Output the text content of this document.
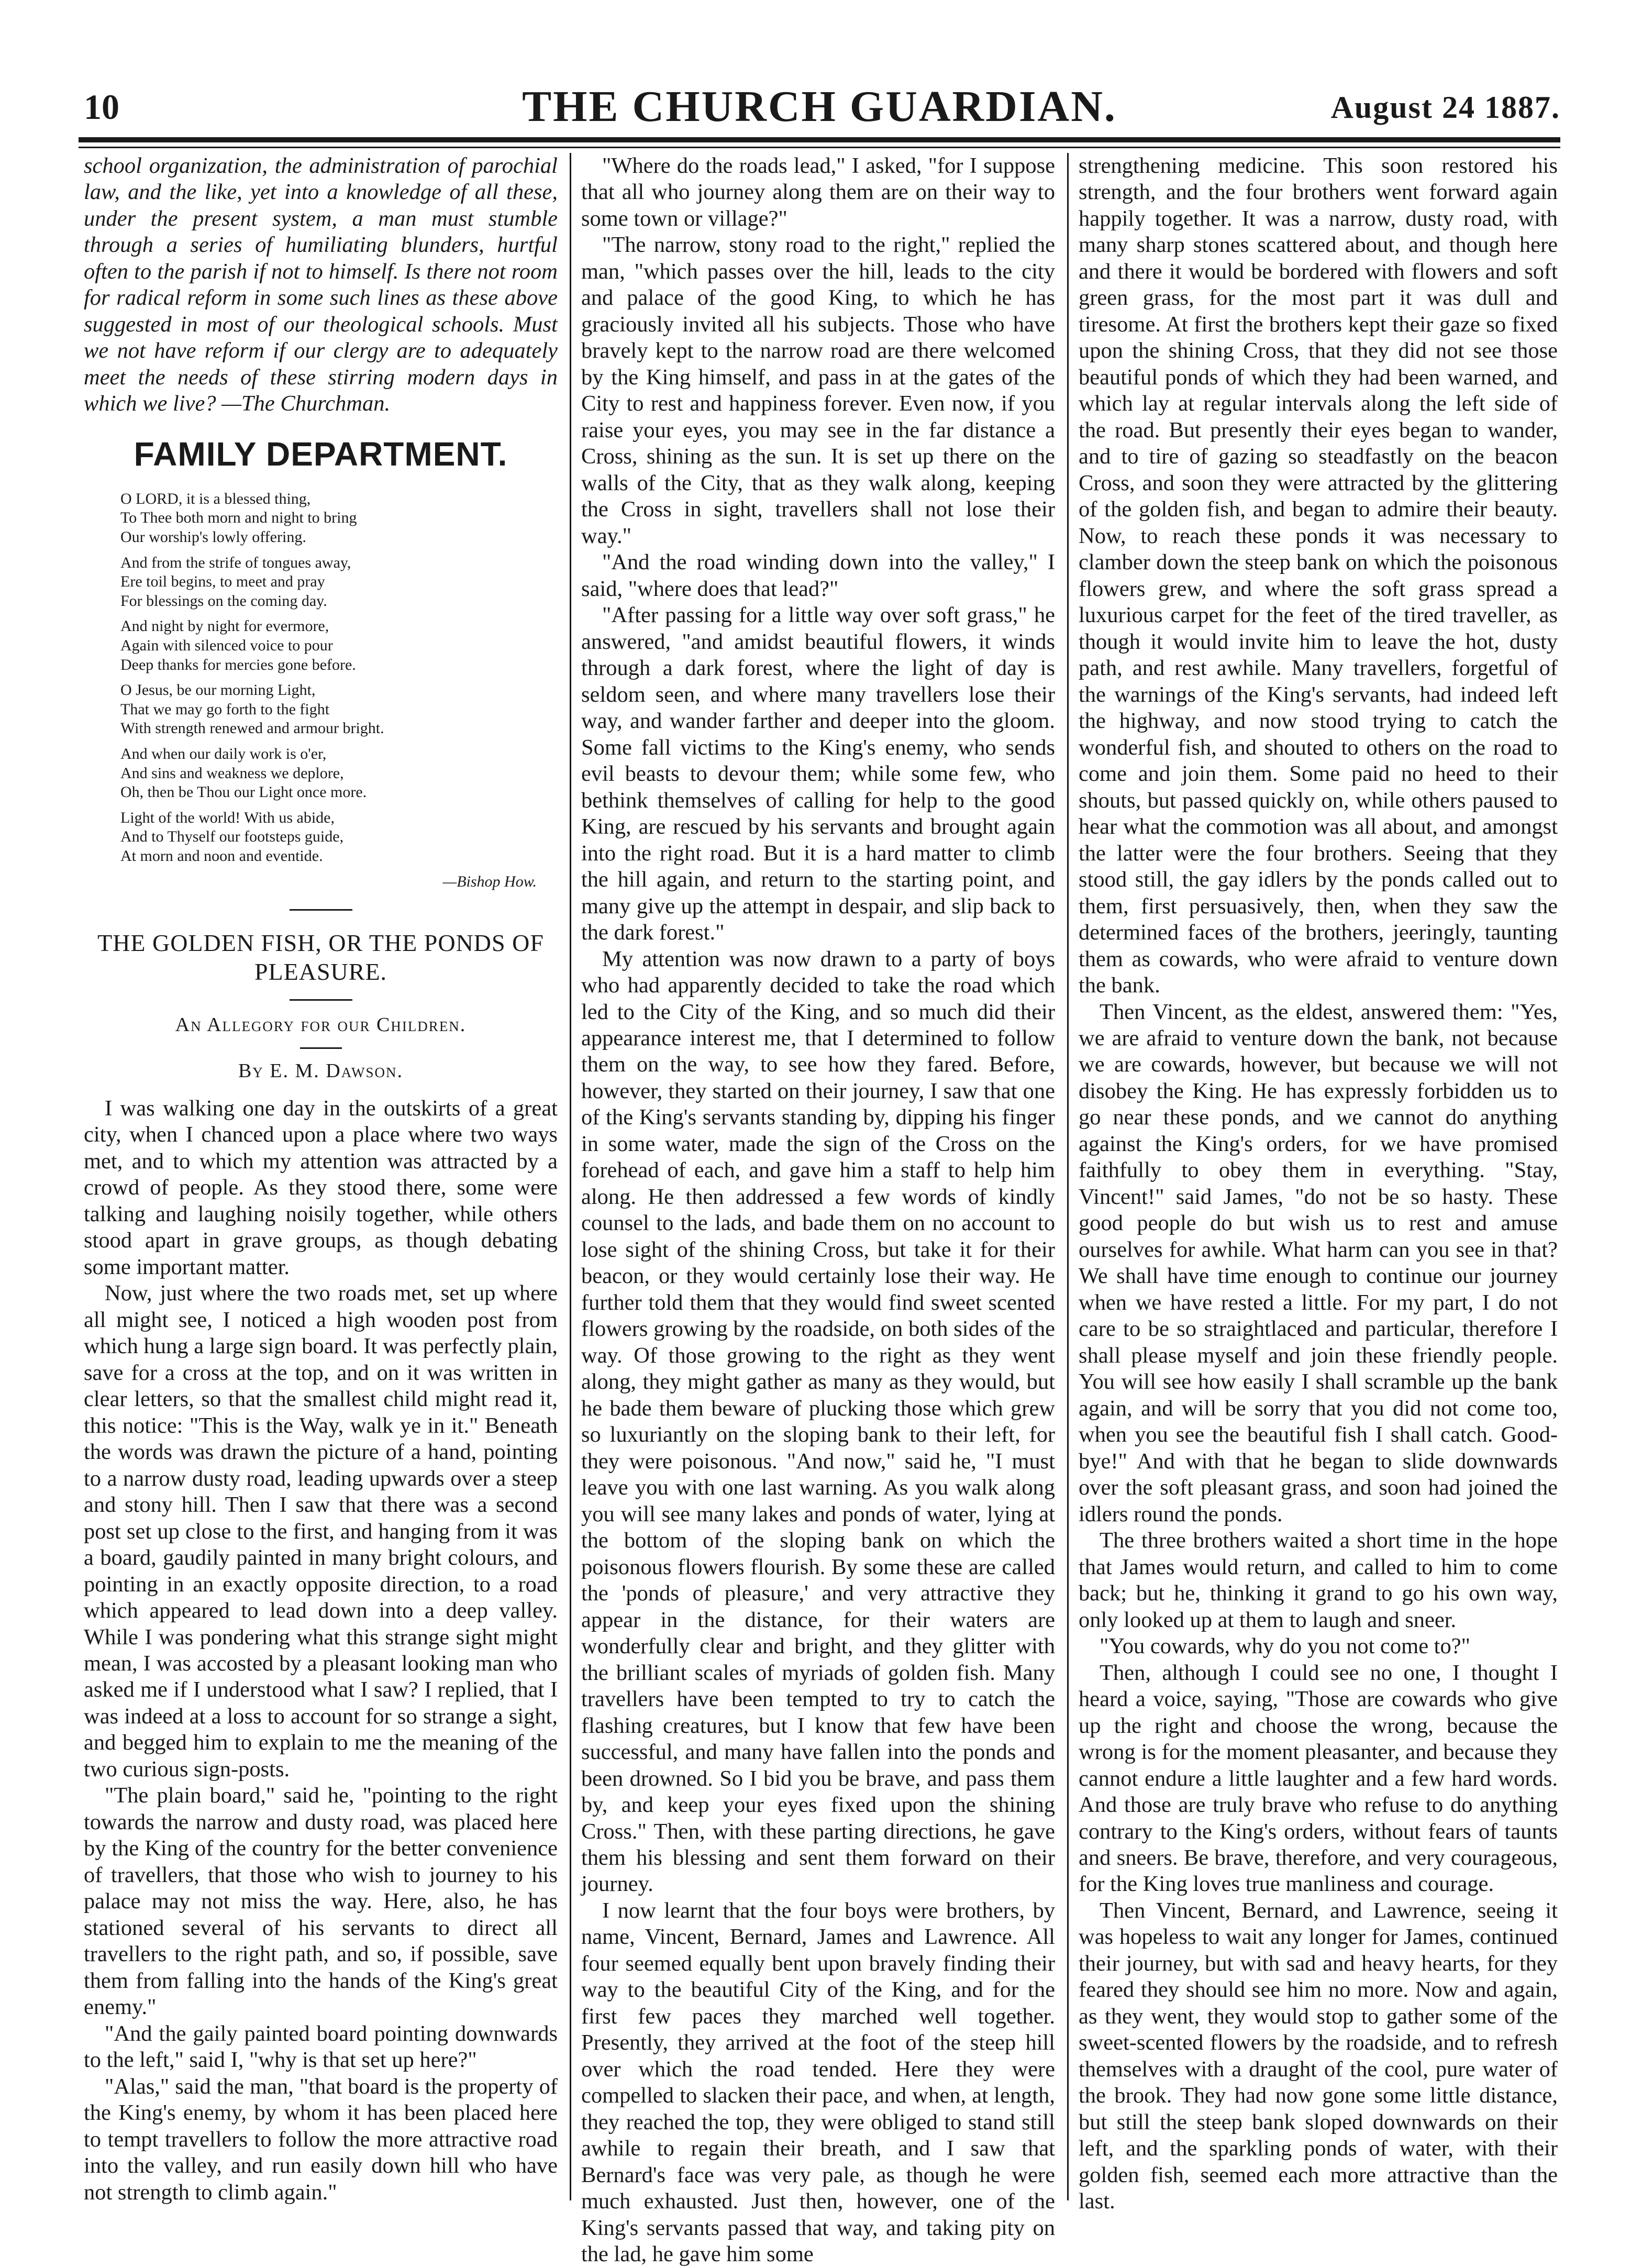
10	THE CHURCH GUARDIAN.	August 24 1887.

school organization, the administration of parochial law, and the like, yet into a knowledge of all these, under the present system, a man must stumble through a series of humiliating blunders, hurtful often to the parish if not to himself. Is there not room for radical reform in some such lines as these above suggested in most of our theological schools. Must we not have reform if our clergy are to adequately meet the needs of these stirring modern days in which we live? —The Churchman.

FAMILY DEPARTMENT.
O LORD, it is a blessed thing,
To Thee both morn and night to bring
Our worship's lowly offering.
And from the strife of tongues away,
Ere toil begins, to meet and pray
For blessings on the coming day.
And night by night for evermore,
Again with silenced voice to pour
Deep thanks for mercies gone before.
O Jesus, be our morning Light,
That we may go forth to the fight
With strength renewed and armour bright.
And when our daily work is o'er,
And sins and weakness we deplore,
Oh, then be Thou our Light once more.
Light of the world! With us abide,
And to Thyself our footsteps guide,
At morn and noon and eventide.
—Bishop How.
THE GOLDEN FISH, OR THE PONDS OF PLEASURE.
An Allegory for our Children.
By E. M. Dawson.

I was walking one day in the outskirts of a great city, when I chanced upon a place where two ways met, and to which my attention was attracted by a crowd of people. As they stood there, some were talking and laughing noisily together, while others stood apart in grave groups, as though debating some important matter.

Now, just where the two roads met, set up where all might see, I noticed a high wooden post from which hung a large sign board. It was perfectly plain, save for a cross at the top, and on it was written in clear letters, so that the smallest child might read it, this notice: "This is the Way, walk ye in it." Beneath the words was drawn the picture of a hand, pointing to a narrow dusty road, leading upwards over a steep and stony hill. Then I saw that there was a second post set up close to the first, and hanging from it was a board, gaudily painted in many bright colours, and pointing in an exactly opposite direction, to a road which appeared to lead down into a deep valley. While I was pondering what this strange sight might mean, I was accosted by a pleasant looking man who asked me if I understood what I saw? I replied, that I was indeed at a loss to account for so strange a sight, and begged him to explain to me the meaning of the two curious sign-posts.

"The plain board," said he, "pointing to the right towards the narrow and dusty road, was placed here by the King of the country for the better convenience of travellers, that those who wish to journey to his palace may not miss the way. Here, also, he has stationed several of his servants to direct all travellers to the right path, and so, if possible, save them from falling into the hands of the King's great enemy."

"And the gaily painted board pointing downwards to the left," said I, "why is that set up here?"

"Alas," said the man, "that board is the property of the King's enemy, by whom it has been placed here to tempt travellers to follow the more attractive road into the valley, and run easily down hill who have not strength to climb again."

"Where do the roads lead," I asked, "for I suppose that all who journey along them are on their way to some town or village?"

"The narrow, stony road to the right," replied the man, "which passes over the hill, leads to the city and palace of the good King, to which he has graciously invited all his subjects. Those who have bravely kept to the narrow road are there welcomed by the King himself, and pass in at the gates of the City to rest and happiness forever. Even now, if you raise your eyes, you may see in the far distance a Cross, shining as the sun. It is set up there on the walls of the City, that as they walk along, keeping the Cross in sight, travellers shall not lose their way."

"And the road winding down into the valley," I said, "where does that lead?"

"After passing for a little way over soft grass," he answered, "and amidst beautiful flowers, it winds through a dark forest, where the light of day is seldom seen, and where many travellers lose their way, and wander farther and deeper into the gloom. Some fall victims to the King's enemy, who sends evil beasts to devour them; while some few, who bethink themselves of calling for help to the good King, are rescued by his servants and brought again into the right road. But it is a hard matter to climb the hill again, and return to the starting point, and many give up the attempt in despair, and slip back to the dark forest."

My attention was now drawn to a party of boys who had apparently decided to take the road which led to the City of the King, and so much did their appearance interest me, that I determined to follow them on the way, to see how they fared. Before, however, they started on their journey, I saw that one of the King's servants standing by, dipping his finger in some water, made the sign of the Cross on the forehead of each, and gave him a staff to help him along. He then addressed a few words of kindly counsel to the lads, and bade them on no account to lose sight of the shining Cross, but take it for their beacon, or they would certainly lose their way. He further told them that they would find sweet scented flowers growing by the roadside, on both sides of the way. Of those growing to the right as they went along, they might gather as many as they would, but he bade them beware of plucking those which grew so luxuriantly on the sloping bank to their left, for they were poisonous. "And now," said he, "I must leave you with one last warning. As you walk along you will see many lakes and ponds of water, lying at the bottom of the sloping bank on which the poisonous flowers flourish. By some these are called the 'ponds of pleasure,' and very attractive they appear in the distance, for their waters are wonderfully clear and bright, and they glitter with the brilliant scales of myriads of golden fish. Many travellers have been tempted to try to catch the flashing creatures, but I know that few have been successful, and many have fallen into the ponds and been drowned. So I bid you be brave, and pass them by, and keep your eyes fixed upon the shining Cross." Then, with these parting directions, he gave them his blessing and sent them forward on their journey.

I now learnt that the four boys were brothers, by name, Vincent, Bernard, James and Lawrence. All four seemed equally bent upon bravely finding their way to the beautiful City of the King, and for the first few paces they marched well together. Presently, they arrived at the foot of the steep hill over which the road tended. Here they were compelled to slacken their pace, and when, at length, they reached the top, they were obliged to stand still awhile to regain their breath, and I saw that Bernard's face was very pale, as though he were much exhausted. Just then, however, one of the King's servants passed that way, and taking pity on the lad, he gave him some

strengthening medicine. This soon restored his strength, and the four brothers went forward again happily together. It was a narrow, dusty road, with many sharp stones scattered about, and though here and there it would be bordered with flowers and soft green grass, for the most part it was dull and tiresome. At first the brothers kept their gaze so fixed upon the shining Cross, that they did not see those beautiful ponds of which they had been warned, and which lay at regular intervals along the left side of the road. But presently their eyes began to wander, and to tire of gazing so steadfastly on the beacon Cross, and soon they were attracted by the glittering of the golden fish, and began to admire their beauty. Now, to reach these ponds it was necessary to clamber down the steep bank on which the poisonous flowers grew, and where the soft grass spread a luxurious carpet for the feet of the tired traveller, as though it would invite him to leave the hot, dusty path, and rest awhile. Many travellers, forgetful of the warnings of the King's servants, had indeed left the highway, and now stood trying to catch the wonderful fish, and shouted to others on the road to come and join them. Some paid no heed to their shouts, but passed quickly on, while others paused to hear what the commotion was all about, and amongst the latter were the four brothers. Seeing that they stood still, the gay idlers by the ponds called out to them, first persuasively, then, when they saw the determined faces of the brothers, jeeringly, taunting them as cowards, who were afraid to venture down the bank.

Then Vincent, as the eldest, answered them: "Yes, we are afraid to venture down the bank, not because we are cowards, however, but because we will not disobey the King. He has expressly forbidden us to go near these ponds, and we cannot do anything against the King's orders, for we have promised faithfully to obey them in everything. "Stay, Vincent!" said James, "do not be so hasty. These good people do but wish us to rest and amuse ourselves for awhile. What harm can you see in that? We shall have time enough to continue our journey when we have rested a little. For my part, I do not care to be so straightlaced and particular, therefore I shall please myself and join these friendly people. You will see how easily I shall scramble up the bank again, and will be sorry that you did not come too, when you see the beautiful fish I shall catch. Good-bye!" And with that he began to slide downwards over the soft pleasant grass, and soon had joined the idlers round the ponds.

The three brothers waited a short time in the hope that James would return, and called to him to come back; but he, thinking it grand to go his own way, only looked up at them to laugh and sneer.

"You cowards, why do you not come to?"

Then, although I could see no one, I thought I heard a voice, saying, "Those are cowards who give up the right and choose the wrong, because the wrong is for the moment pleasanter, and because they cannot endure a little laughter and a few hard words. And those are truly brave who refuse to do anything contrary to the King's orders, without fears of taunts and sneers. Be brave, therefore, and very courageous, for the King loves true manliness and courage.

Then Vincent, Bernard, and Lawrence, seeing it was hopeless to wait any longer for James, continued their journey, but with sad and heavy hearts, for they feared they should see him no more. Now and again, as they went, they would stop to gather some of the sweet-scented flowers by the roadside, and to refresh themselves with a draught of the cool, pure water of the brook. They had now gone some little distance, but still the steep bank sloped downwards on their left, and the sparkling ponds of water, with their golden fish, seemed each more attractive than the last.
